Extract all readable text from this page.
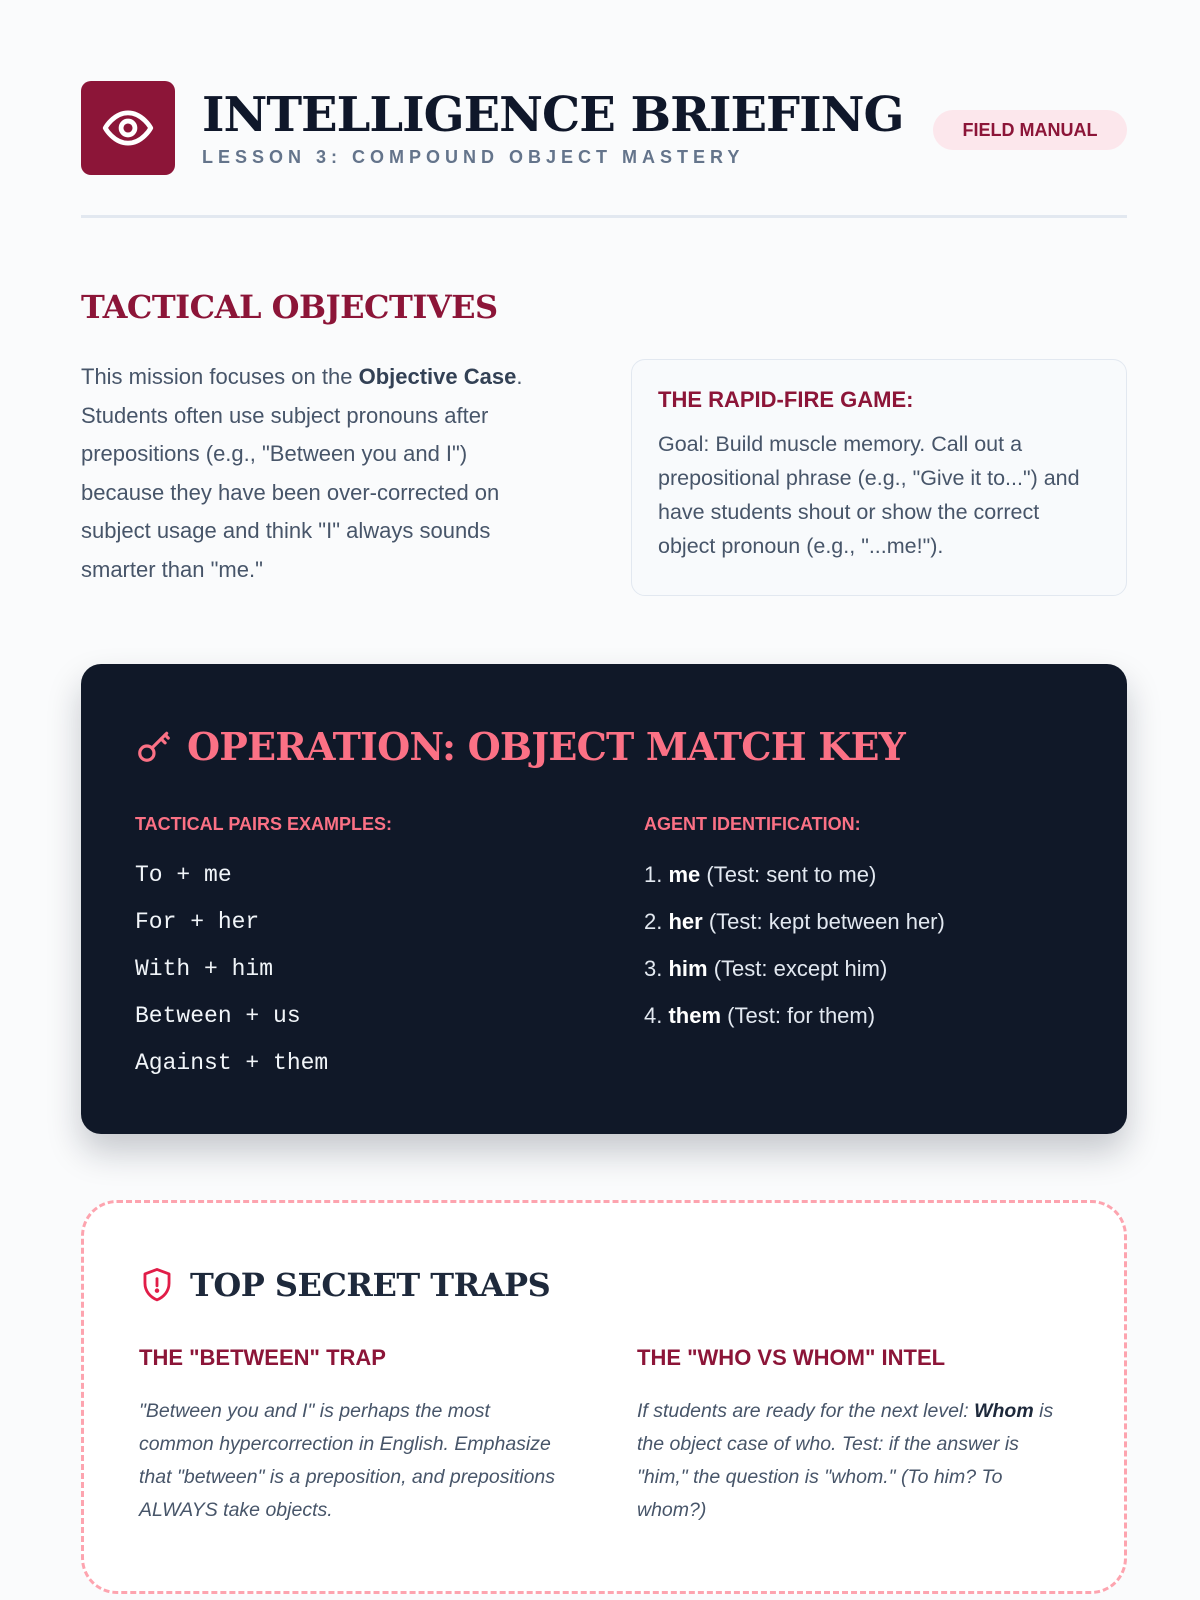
INTELLIGENCE BRIEFING
LESSON 3: COMPOUND OBJECT MASTERY
FIELD MANUAL
TACTICAL OBJECTIVES

This mission focuses on the Objective Case. Students often use subject pronouns after prepositions (e.g., "Between you and I") because they have been over-corrected on subject usage and think "I" always sounds smarter than "me."

THE RAPID-FIRE GAME:

Goal: Build muscle memory. Call out a prepositional phrase (e.g., "Give it to...") and have students shout or show the correct object pronoun (e.g., "...me!").

OPERATION: OBJECT MATCH KEY
TACTICAL PAIRS EXAMPLES:	AGENT IDENTIFICATION:
To + me
For + her
With + him
Between + us
Against + them
1. me (Test: sent to me)
2. her (Test: kept between her)
3. him (Test: except him)
4. them (Test: for them)
TOP SECRET TRAPS
THE "BETWEEN" TRAP

"Between you and I" is perhaps the most common hypercorrection in English. Emphasize that "between" is a preposition, and prepositions ALWAYS take objects.

THE "WHO VS WHOM" INTEL

If students are ready for the next level: Whom is the object case of who. Test: if the answer is "him," the question is "whom." (To him? To whom?)
